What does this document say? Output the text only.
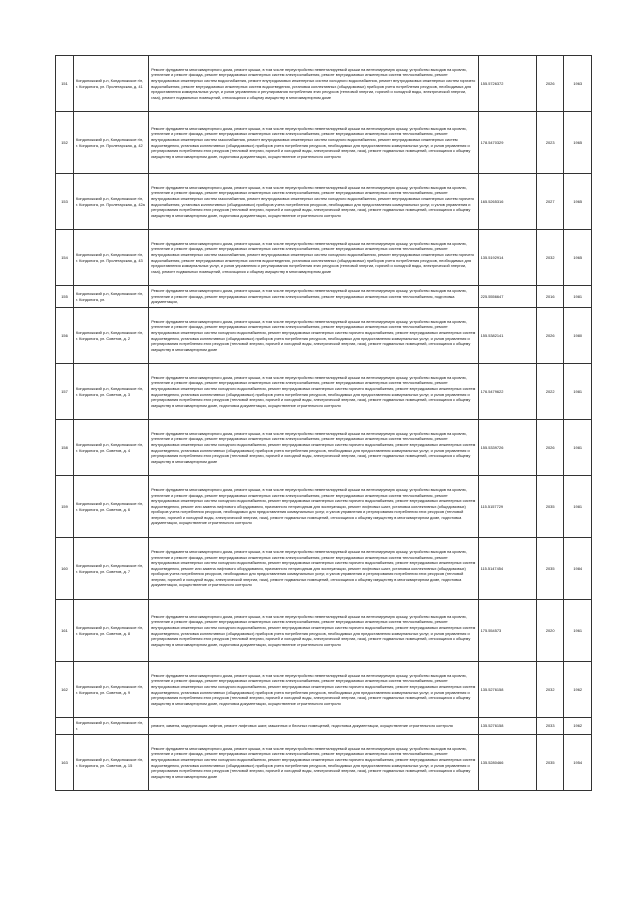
151	Кондопожский р-н, Кондопожское г/п, г. Кондопога, ул. Пролетарская, д. 41	Ремонт фундамента многоквартирного дома, ремонт крыши, в том числе переустройство невентилируемой крыши на вентилируемую крышу, устройство выходов на кровлю, утепление и ремонт фасада, ремонт внутридомовых инженерных систем электроснабжения, ремонт внутридомовых инженерных систем теплоснабжения, ремонт внутридомовых инженерных систем водоснабжения, ремонт внутридомовых инженерных систем холодного водоснабжения, ремонт внутридомовых инженерных систем горячего водоснабжения, ремонт внутридомовых инженерных систем водоотведения, установка коллективных (общедомовых) приборов учета потребления ресурсов, необходимых для предоставления коммунальных услуг, и узлов управления и регулирования потребления этих ресурсов (тепловой энергии, горячей и холодной воды, электрической энергии, газа), ремонт подвальных помещений, относящихся к общему имуществу в многоквартирном доме	155.5726372	2026	1963
152	Кондопожский р-н, Кондопожское г/п, г. Кондопога, ул. Пролетарская, д. 42	Ремонт фундамента многоквартирного дома, ремонт крыши, в том числе переустройство невентилируемой крыши на вентилируемую крышу, устройство выходов на кровлю, утепление и ремонт фасада, ремонт внутридомовых инженерных систем электроснабжения, ремонт внутридомовых инженерных систем теплоснабжения, ремонт внутридомовых инженерных систем газоснабжения, ремонт внутридомовых инженерных систем холодного водоснабжения, ремонт внутридомовых инженерных систем водоотведения, установка коллективных (общедомовых) приборов учета потребления ресурсов, необходимых для предоставления коммунальных услуг, и узлов управления и регулирования потребления этих ресурсов (тепловой энергии, горячей и холодной воды, электрической энергии, газа), ремонт подвальных помещений, относящихся к общему имуществу в многоквартирном доме, подготовка документации, осуществление строительного контроля	178.5470329	2023	1965
153	Кондопожский р-н, Кондопожское г/п, г. Кондопога, ул. Пролетарская, д. 42а	Ремонт фундамента многоквартирного дома, ремонт крыши, в том числе переустройство невентилируемой крыши на вентилируемую крышу, устройство выходов на кровлю, утепление и ремонт фасада, ремонт внутридомовых инженерных систем электроснабжения, ремонт внутридомовых инженерных систем теплоснабжения, ремонт внутридомовых инженерных систем газоснабжения, ремонт внутридомовых инженерных систем холодного водоснабжения, ремонт внутридомовых инженерных систем горячего водоснабжения, установка коллективных (общедомовых) приборов учета потребления ресурсов, необходимых для предоставления коммунальных услуг, и узлов управления и регулирования потребления этих ресурсов (тепловой энергии, горячей и холодной воды, электрической энергии, газа), ремонт подвальных помещений, относящихся к общему имуществу в многоквартирном доме, подготовка документации, осуществление строительного контроля	165.5265316	2027	1965
154	Кондопожский р-н, Кондопожское г/п, г. Кондопога, ул. Пролетарская, д. 43	Ремонт фундамента многоквартирного дома, ремонт крыши, в том числе переустройство невентилируемой крыши на вентилируемую крышу, устройство выходов на кровлю, утепление и ремонт фасада, ремонт внутридомовых инженерных систем электроснабжения, ремонт внутридомовых инженерных систем теплоснабжения, ремонт внутридомовых инженерных систем газоснабжения, ремонт внутридомовых инженерных систем холодного водоснабжения, ремонт внутридомовых инженерных систем горячего водоснабжения, ремонт внутридомовых инженерных систем водоотведения, установка коллективных (общедомовых) приборов учета потребления ресурсов, необходимых для предоставления коммунальных услуг, и узлов управления и регулирования потребления этих ресурсов (тепловой энергии, горячей и холодной воды, электрической энергии, газа), ремонт подвальных помещений, относящихся к общему имуществу в многоквартирном доме	135.5192914	2032	1965
155	Кондопожский р-н, Кондопожское г/п, г. Кондопога, ул.	Ремонт фундамента многоквартирного дома, ремонт крыши, в том числе переустройство невентилируемой крыши на вентилируемую крышу, устройство выходов на кровлю, утепление и ремонт фасада, ремонт внутридомовых инженерных систем электроснабжения, ремонт внутридомовых инженерных систем теплоснабжения, подготовка документации,	225.5556647	2016	1981
156	Кондопожский р-н, Кондопожское г/п, г. Кондопога, ул. Советов, д. 2	Ремонт фундамента многоквартирного дома, ремонт крыши, в том числе переустройство невентилируемой крыши на вентилируемую крышу, устройство выходов на кровлю, утепление и ремонт фасада, ремонт внутридомовых инженерных систем электроснабжения, ремонт внутридомовых инженерных систем теплоснабжения, ремонт внутридомовых инженерных систем холодного водоснабжения, ремонт внутридомовых инженерных систем горячего водоснабжения, ремонт внутридомовых инженерных систем водоотведения, установка коллективных (общедомовых) приборов учета потребления ресурсов, необходимых для предоставления коммунальных услуг, и узлов управления и регулирования потребления этих ресурсов (тепловой энергии, горячей и холодной воды, электрической энергии, газа), ремонт подвальных помещений, относящихся к общему имуществу в многоквартирном доме	155.5382141	2026	1980
157	Кондопожский р-н, Кондопожское г/п, г. Кондопога, ул. Советов, д. 3	Ремонт фундамента многоквартирного дома, ремонт крыши, в том числе переустройство невентилируемой крыши на вентилируемую крышу, устройство выходов на кровлю, утепление и ремонт фасада, ремонт внутридомовых инженерных систем электроснабжения, ремонт внутридомовых инженерных систем теплоснабжения, ремонт внутридомовых инженерных систем холодного водоснабжения, ремонт внутридомовых инженерных систем горячего водоснабжения, ремонт внутридомовых инженерных систем водоотведения, установка коллективных (общедомовых) приборов учета потребления ресурсов, необходимых для предоставления коммунальных услуг, и узлов управления и регулирования потребления этих ресурсов (тепловой энергии, горячей и холодной воды, электрической энергии, газа), ремонт подвальных помещений, относящихся к общему имуществу в многоквартирном доме, подготовка документации, осуществление строительного контроля	176.5479622	2022	1981
158	Кондопожский р-н, Кондопожское г/п, г. Кондопога, ул. Советов, д. 4	Ремонт фундамента многоквартирного дома, ремонт крыши, в том числе переустройство невентилируемой крыши на вентилируемую крышу, устройство выходов на кровлю, утепление и ремонт фасада, ремонт внутридомовых инженерных систем электроснабжения, ремонт внутридомовых инженерных систем теплоснабжения, ремонт внутридомовых инженерных систем холодного водоснабжения, ремонт внутридомовых инженерных систем горячего водоснабжения, ремонт внутридомовых инженерных систем водоотведения, установка коллективных (общедомовых) приборов учета потребления ресурсов, необходимых для предоставления коммунальных услуг, и узлов управления и регулирования потребления этих ресурсов (тепловой энергии, горячей и холодной воды, электрической энергии, газа), ремонт подвальных помещений, относящихся к общему имуществу в многоквартирном доме	155.5339726	2026	1981
159	Кондопожский р-н, Кондопожское г/п, г. Кондопога, ул. Советов, д. 6	Ремонт фундамента многоквартирного дома, ремонт крыши, в том числе переустройство невентилируемой крыши на вентилируемую крышу, устройство выходов на кровлю, утепление и ремонт фасада, ремонт внутридомовых инженерных систем электроснабжения, ремонт внутридомовых инженерных систем теплоснабжения, ремонт внутридомовых инженерных систем холодного водоснабжения, ремонт внутридомовых инженерных систем горячего водоснабжения, ремонт внутридомовых инженерных систем водоотведения, ремонт или замена лифтового оборудования, признанного непригодным для эксплуатации, ремонт лифтовых шахт, установка коллективных (общедомовых) приборов учета потребления ресурсов, необходимых для предоставления коммунальных услуг, и узлов управления и регулирования потребления этих ресурсов (тепловой энергии, горячей и холодной воды, электрической энергии, газа), ремонт подвальных помещений, относящихся к общему имуществу в многоквартирном доме, подготовка документации, осуществление строительного контроля	115.5157729	2035	1981
160	Кондопожский р-н, Кондопожское г/п, г. Кондопога, ул. Советов, д. 7	Ремонт фундамента многоквартирного дома, ремонт крыши, в том числе переустройство невентилируемой крыши на вентилируемую крышу, устройство выходов на кровлю, утепление и ремонт фасада, ремонт внутридомовых инженерных систем электроснабжения, ремонт внутридомовых инженерных систем теплоснабжения, ремонт внутридомовых инженерных систем холодного водоснабжения, ремонт внутридомовых инженерных систем горячего водоснабжения, ремонт внутридомовых инженерных систем водоотведения, ремонт или замена лифтового оборудования, признанного непригодным для эксплуатации, ремонт лифтовых шахт, установка коллективных (общедомовых) приборов учета потребления ресурсов, необходимых для предоставления коммунальных услуг, и узлов управления и регулирования потребления этих ресурсов (тепловой энергии, горячей и холодной воды, электрической энергии, газа), ремонт подвальных помещений, относящихся к общему имуществу в многоквартирном доме, подготовка документации, осуществление строительного контроля	115.5147454	2035	1984
161	Кондопожский р-н, Кондопожское г/п, г. Кондопога, ул. Советов, д. 8	Ремонт фундамента многоквартирного дома, ремонт крыши, в том числе переустройство невентилируемой крыши на вентилируемую крышу, устройство выходов на кровлю, утепление и ремонт фасада, ремонт внутридомовых инженерных систем электроснабжения, ремонт внутридомовых инженерных систем теплоснабжения, ремонт внутридомовых инженерных систем холодного водоснабжения, ремонт внутридомовых инженерных систем горячего водоснабжения, ремонт внутридомовых инженерных систем водоотведения, установка коллективных (общедомовых) приборов учета потребления ресурсов, необходимых для предоставления коммунальных услуг, и узлов управления и регулирования потребления этих ресурсов (тепловой энергии, горячей и холодной воды, электрической энергии, газа), ремонт подвальных помещений, относящихся к общему имуществу в многоквартирном доме, подготовка документации, осуществление строительного контроля	175.554573	2020	1961
162	Кондопожский р-н, Кондопожское г/п, г. Кондопога, ул. Советов, д. 9	Ремонт фундамента многоквартирного дома, ремонт крыши, в том числе переустройство невентилируемой крыши на вентилируемую крышу, устройство выходов на кровлю, утепление и ремонт фасада, ремонт внутридомовых инженерных систем электроснабжения, ремонт внутридомовых инженерных систем теплоснабжения, ремонт внутридомовых инженерных систем холодного водоснабжения, ремонт внутридомовых инженерных систем горячего водоснабжения, ремонт внутридомовых инженерных систем водоотведения, установка коллективных (общедомовых) приборов учета потребления ресурсов, необходимых для предоставления коммунальных услуг, и узлов управления и регулирования потребления этих ресурсов (тепловой энергии, горячей и холодной воды, электрической энергии, газа), ремонт подвальных помещений, относящихся к общему имуществу в многоквартирном доме, подготовка документации, осуществление строительного контроля	135.5276158	2032	1962
	Кондопожский р-н, Кондопожское г/п, г.	ремонт, замена, модернизация лифтов, ремонт лифтовых шахт, машинных и блочных помещений, подготовка документации, осуществление строительного контроля	135.5276158	2033	1962
163	Кондопожский р-н, Кондопожское г/п, г. Кондопога, ул. Советов, д. 15	Ремонт фундамента многоквартирного дома, ремонт крыши, в том числе переустройство невентилируемой крыши на вентилируемую крышу, устройство выходов на кровлю, утепление и ремонт фасада, ремонт внутридомовых инженерных систем электроснабжения, ремонт внутридомовых инженерных систем теплоснабжения, ремонт внутридомовых инженерных систем холодного водоснабжения, ремонт внутридомовых инженерных систем горячего водоснабжения, ремонт внутридомовых инженерных систем водоотведения, установка коллективных (общедомовых) приборов учета потребления ресурсов, необходимых для предоставления коммунальных услуг, и узлов управления и регулирования потребления этих ресурсов (тепловой энергии, горячей и холодной воды, электрической энергии, газа), ремонт подвальных помещений, относящихся к общему имуществу в многоквартирном доме	135.5280466	2035	1954
